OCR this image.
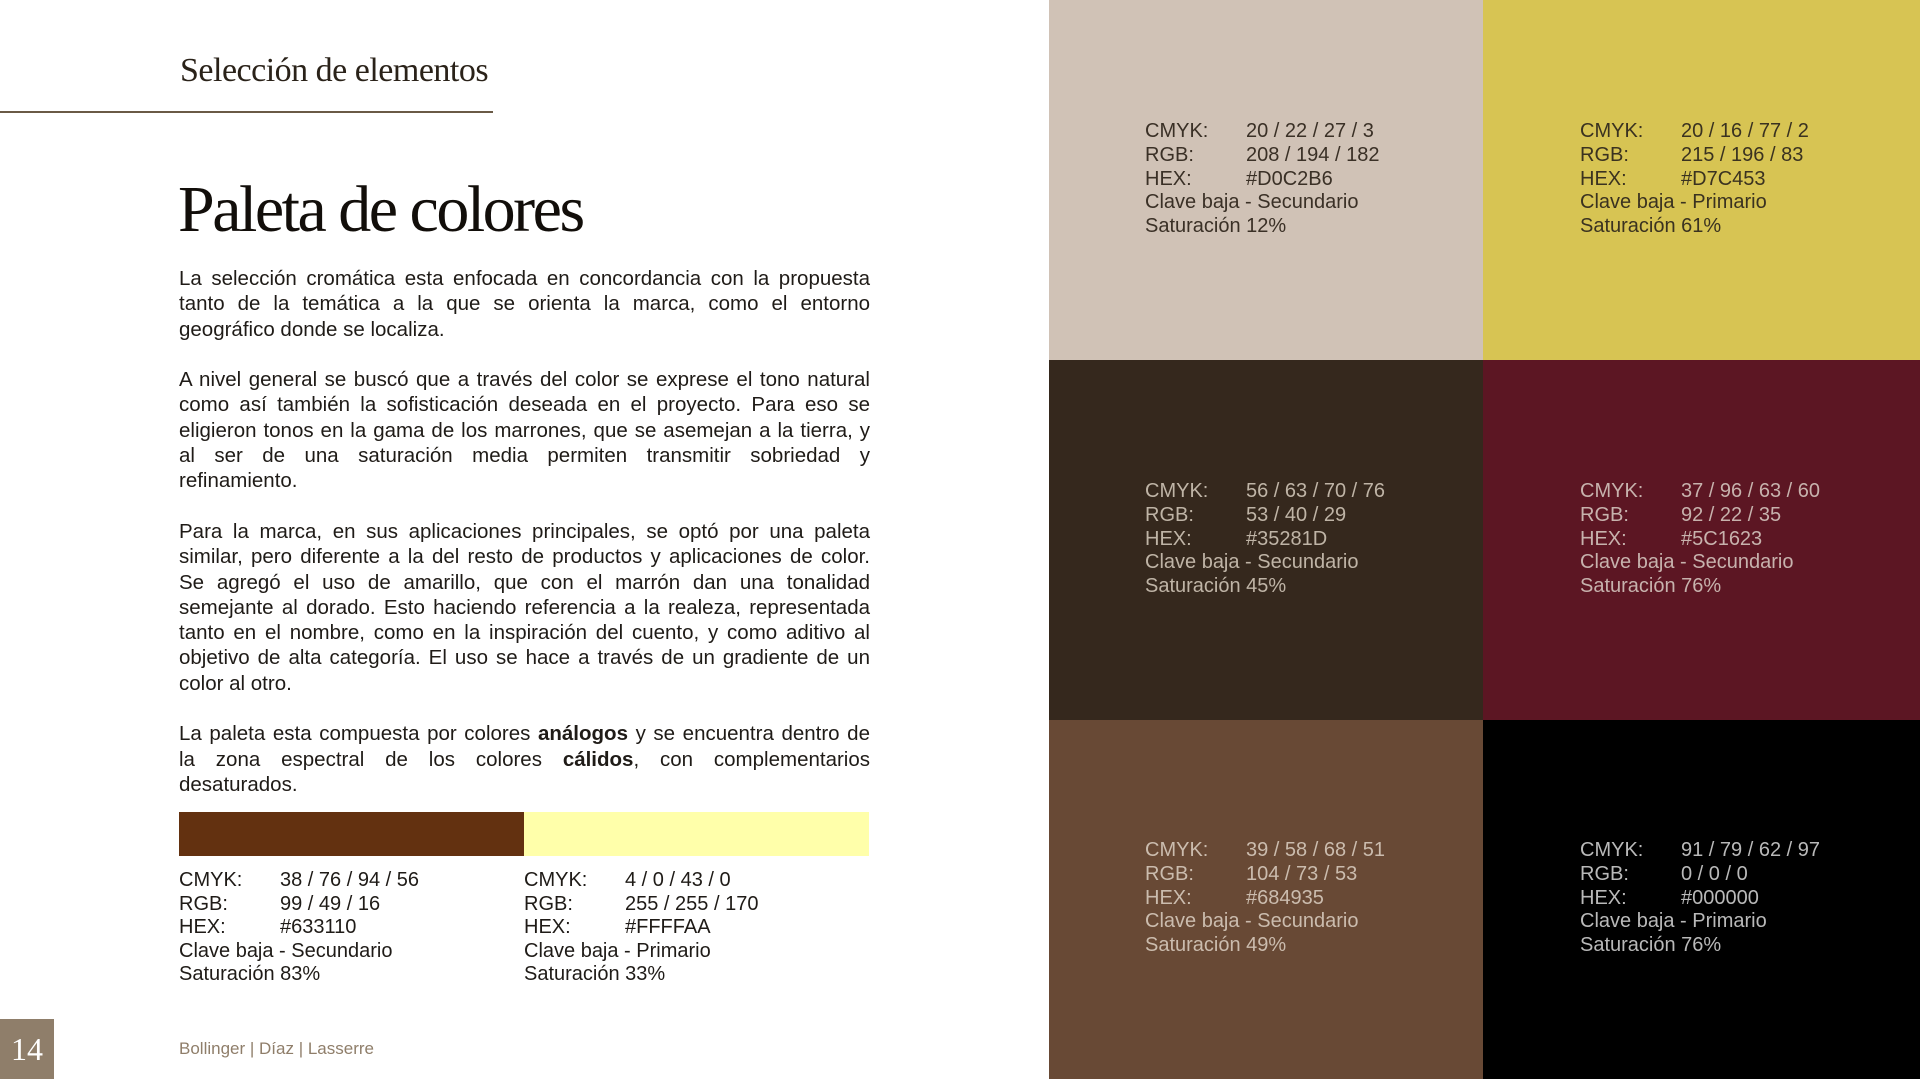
Selección de elementos
Paleta de colores

La selección cromática esta enfocada en concordancia con la propuesta tanto de la temática a la que se orienta la marca, como el entorno geográfico donde se localiza.

A nivel general se buscó que a través del color se exprese el tono natural como así también la sofisticación deseada en el proyecto. Para eso se eligieron tonos en la gama de los marrones, que se asemejan a la tierra, y al ser de una saturación media permiten transmitir sobriedad y refinamiento.

Para la marca, en sus aplicaciones principales, se optó por una paleta similar, pero diferente a la del resto de productos y aplicaciones de color. Se agregó el uso de amarillo, que con el marrón dan una tonalidad semejante al dorado. Esto haciendo referencia a la realeza, representada tanto en el nombre, como en la inspiración del cuento, y como aditivo al objetivo de alta categoría. El uso se hace a través de un gradiente de un color al otro.

La paleta esta compuesta por colores análogos y se encuentra dentro de la zona espectral de los colores cálidos, con complementarios desaturados.

CMYK: 38 / 76 / 94 / 56
RGB:	99 / 49 / 16
HEX:	#633110
Clave baja - Secundario
Saturación 83%
CMYK: 4 / 0 / 43 / 0
RGB:	255 / 255 / 170
HEX:	#FFFFAA
Clave baja - Primario
Saturación 33%
CMYK: 20 / 22 / 27 / 3
RGB:	208 / 194 / 182
HEX:	#D0C2B6
Clave baja - Secundario
Saturación 12%
CMYK: 20 / 16 / 77 / 2
RGB:	215 / 196 / 83
HEX:	#D7C453
Clave baja - Primario
Saturación 61%
CMYK: 56 / 63 / 70 / 76
RGB:	53 / 40 / 29
HEX:	#35281D
Clave baja - Secundario
Saturación 45%
CMYK: 37 / 96 / 63 / 60
RGB:	92 / 22 / 35
HEX:	#5C1623
Clave baja - Secundario
Saturación 76%
CMYK: 39 / 58 / 68 / 51
RGB:	104 / 73 / 53
HEX:	#684935
Clave baja - Secundario
Saturación 49%
CMYK: 91 / 79 / 62 / 97
RGB:	0 / 0 / 0
HEX:	#000000
Clave baja - Primario
Saturación 76%
14	Bollinger | Díaz | Lasserre
